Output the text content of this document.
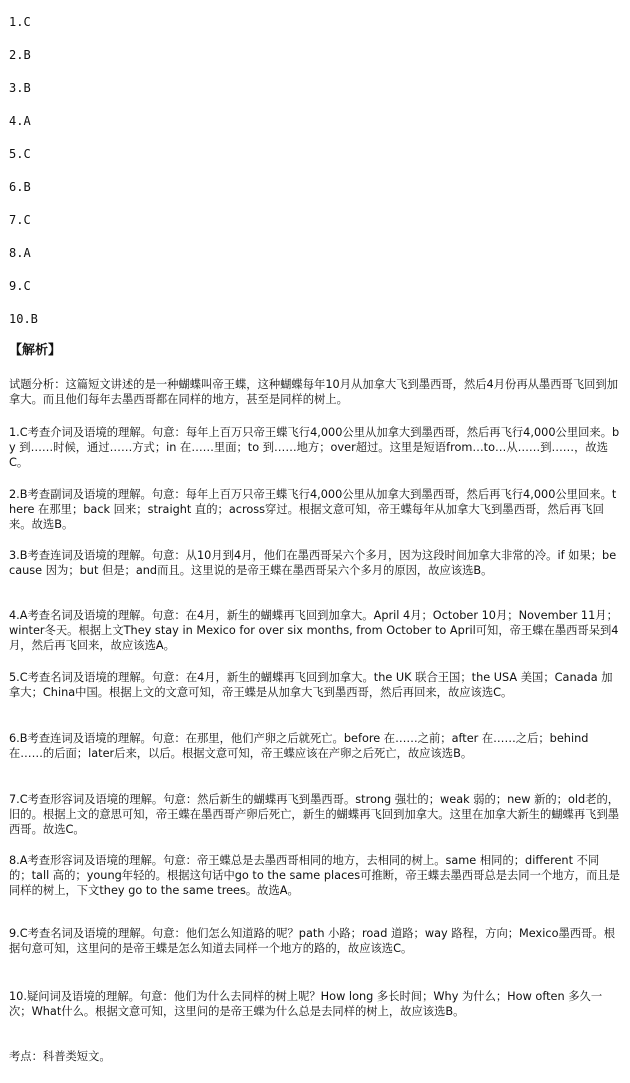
1.C

2.B

3.B

4.A

5.C

6.B

7.C

8.A

9.C

10.B

【解析】

试题分析：这篇短文讲述的是一种蝴蝶叫帝王蝶，这种蝴蝶每年10月从加拿大飞到墨西哥，然后4月份再从墨西哥飞回到加拿大。而且他们每年去墨西哥都在同样的地方，甚至是同样的树上。

1.C考查介词及语境的理解。句意：每年上百万只帝王蝶飞行4,000公里从加拿大到墨西哥，然后再飞行4,000公里回来。by 到……时候，通过……方式；in 在……里面；to 到……地方；over超过。这里是短语from…to…从……到……，故选C。

2.B考查副词及语境的理解。句意：每年上百万只帝王蝶飞行4,000公里从加拿大到墨西哥，然后再飞行4,000公里回来。there 在那里；back 回来；straight 直的；across穿过。根据文意可知，帝王蝶每年从加拿大飞到墨西哥，然后再飞回来。故选B。

3.B考查连词及语境的理解。句意：从10月到4月，他们在墨西哥呆六个多月，因为这段时间加拿大非常的冷。if 如果；because 因为；but 但是；and而且。这里说的是帝王蝶在墨西哥呆六个多月的原因，故应该选B。

4.A考查名词及语境的理解。句意：在4月，新生的蝴蝶再飞回到加拿大。April 4月；October 10月；November 11月；winter冬天。根据上文They stay in Mexico for over six months, from October to April可知，帝王蝶在墨西哥呆到4月，然后再飞回来，故应该选A。

5.C考查名词及语境的理解。句意：在4月，新生的蝴蝶再飞回到加拿大。the UK 联合王国；the USA 美国；Canada 加拿大；China中国。根据上文的文意可知，帝王蝶是从加拿大飞到墨西哥，然后再回来，故应该选C。

6.B考查连词及语境的理解。句意：在那里，他们产卵之后就死亡。before 在……之前；after 在……之后；behind 在……的后面；later后来，以后。根据文意可知，帝王蝶应该在产卵之后死亡，故应该选B。

7.C考查形容词及语境的理解。句意：然后新生的蝴蝶再飞到墨西哥。strong 强壮的；weak 弱的；new 新的；old老的，旧的。根据上文的意思可知，帝王蝶在墨西哥产卵后死亡，新生的蝴蝶再飞回到加拿大。这里在加拿大新生的蝴蝶再飞到墨西哥。故选C。

8.A考查形容词及语境的理解。句意：帝王蝶总是去墨西哥相同的地方，去相同的树上。same 相同的；different 不同的；tall 高的；young年轻的。根据这句话中go to the same places可推断，帝王蝶去墨西哥总是去同一个地方，而且是同样的树上，下文they go to the same trees。故选A。

9.C考查名词及语境的理解。句意：他们怎么知道路的呢？path 小路；road 道路；way 路程，方向；Mexico墨西哥。根据句意可知，这里问的是帝王蝶是怎么知道去同样一个地方的路的，故应该选C。

10.疑问词及语境的理解。句意：他们为什么去同样的树上呢？How long 多长时间；Why 为什么；How often 多久一次；What什么。根据文意可知，这里问的是帝王蝶为什么总是去同样的树上，故应该选B。

考点：科普类短文。
